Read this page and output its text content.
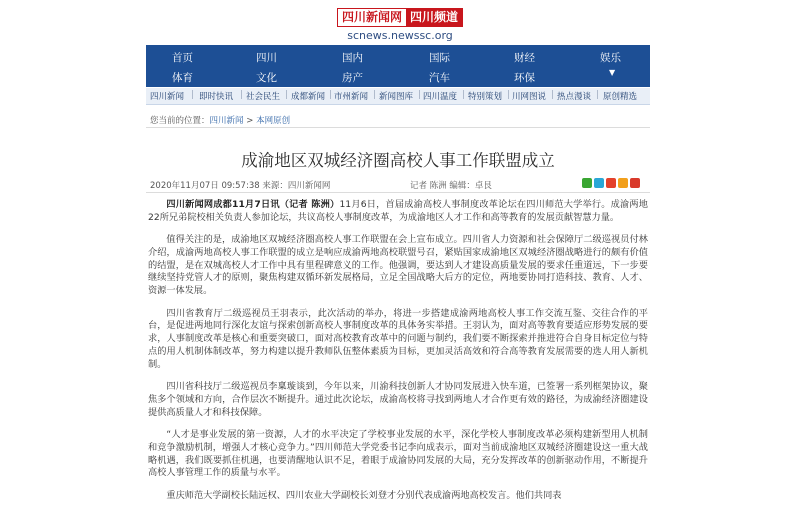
四川新闻网 四川频道
scnews.newssc.org
首页	四川	国内	国际	财经	娱乐
体育	文化	房产	汽车	环保	▼
四川新闻 | 即时快讯 | 社会民生 | 成都新闻 | 市州新闻 | 新闻图库 | 四川温度 | 特别策划 | 川网图说 | 热点漫谈 | 原创精选
您当前的位置：四川新闻 > 本网原创
成渝地区双城经济圈高校人事工作联盟成立
2020年11月07日 09:57:38 来源：四川新闻网	记者 陈洲 编辑：卓艮

四川新闻网成都11月7日讯（记者 陈洲）11月6日，首届成渝高校人事制度改革论坛在四川师范大学举行。成渝两地22所兄弟院校相关负责人参加论坛，共议高校人事制度改革，为成渝地区人才工作和高等教育的发展贡献智慧力量。

值得关注的是，成渝地区双城经济圈高校人事工作联盟在会上宣布成立。四川省人力资源和社会保障厅二级巡视员付林介绍，成渝两地高校人事工作联盟的成立是响应成渝两地高校联盟号召，紧贴国家成渝地区双城经济圈战略进行的颇有价值的结盟，是在双城高校人才工作中具有里程碑意义的工作。他强调，要达到人才建设高质量发展的要求任重道远，下一步要继续坚持党管人才的原则，聚焦构建双循环新发展格局，立足全国战略大后方的定位，两地要协同打造科技、教育、人才、资源一体发展。

四川省教育厅二级巡视员王羽表示，此次活动的举办，将进一步搭建成渝两地高校人事工作交流互鉴、交往合作的平台，是促进两地同行深化友谊与探索创新高校人事制度改革的具体务实举措。王羽认为，面对高等教育要适应形势发展的要求，人事制度改革是核心和重要突破口，面对高校教育改革中的问题与制约，我们要不断探索并推进符合自身目标定位与特点的用人机制体制改革，努力构建以提升教师队伍整体素质为目标，更加灵活高效和符合高等教育发展需要的选人用人新机制。

四川省科技厅二级巡视员李稟璇谈到，今年以来，川渝科技创新人才协同发展进入快车道，已签署一系列框架协议，聚焦多个领域和方向，合作层次不断提升。通过此次论坛，成渝高校将寻找到两地人才合作更有效的路径，为成渝经济圈建设提供高质量人才和科技保障。

“人才是事业发展的第一资源，人才的水平决定了学校事业发展的水平，深化学校人事制度改革必须构建新型用人机制和竞争激励机制，增强人才核心竞争力。”四川师范大学党委书记李向成表示，面对当前成渝地区双城经济圈建设这一重大战略机遇，我们既要抓住机遇，也要清醒地认识不足，着眼于成渝协同发展的大局，充分发挥改革的创新驱动作用，不断提升高校人事管理工作的质量与水平。

重庆师范大学副校长陆远权、四川农业大学副校长刘登才分别代表成渝两地高校发言。他们共同表
